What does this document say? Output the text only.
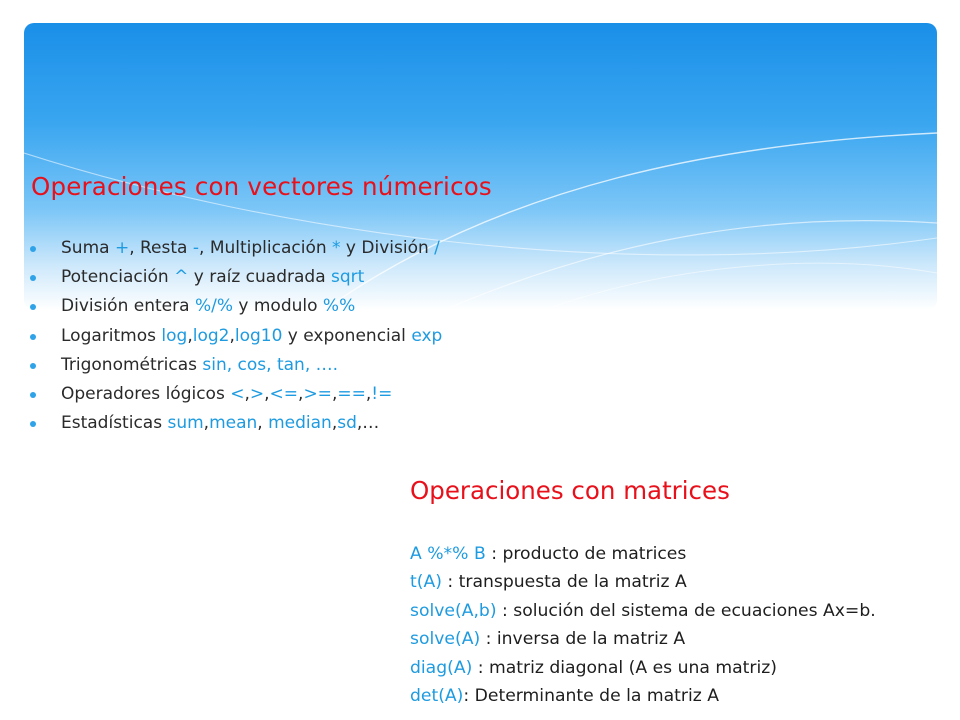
Operaciones con vectores númericos
Suma +, Resta -, Multiplicación * y División /
Potenciación ^ y raíz cuadrada sqrt
División entera %/% y modulo %%
Logaritmos log,log2,log10 y exponencial exp
Trigonométricas sin, cos, tan, ….
Operadores lógicos <,>,<=,>=,==,!=
Estadísticas sum,mean, median,sd,…
Operaciones con matrices
A %*% B : producto de matrices
t(A) : transpuesta de la matriz A
solve(A,b) : solución del sistema de ecuaciones Ax=b.
solve(A) : inversa de la matriz A
diag(A) : matriz diagonal (A es una matriz)
det(A): Determinante de la matriz A
